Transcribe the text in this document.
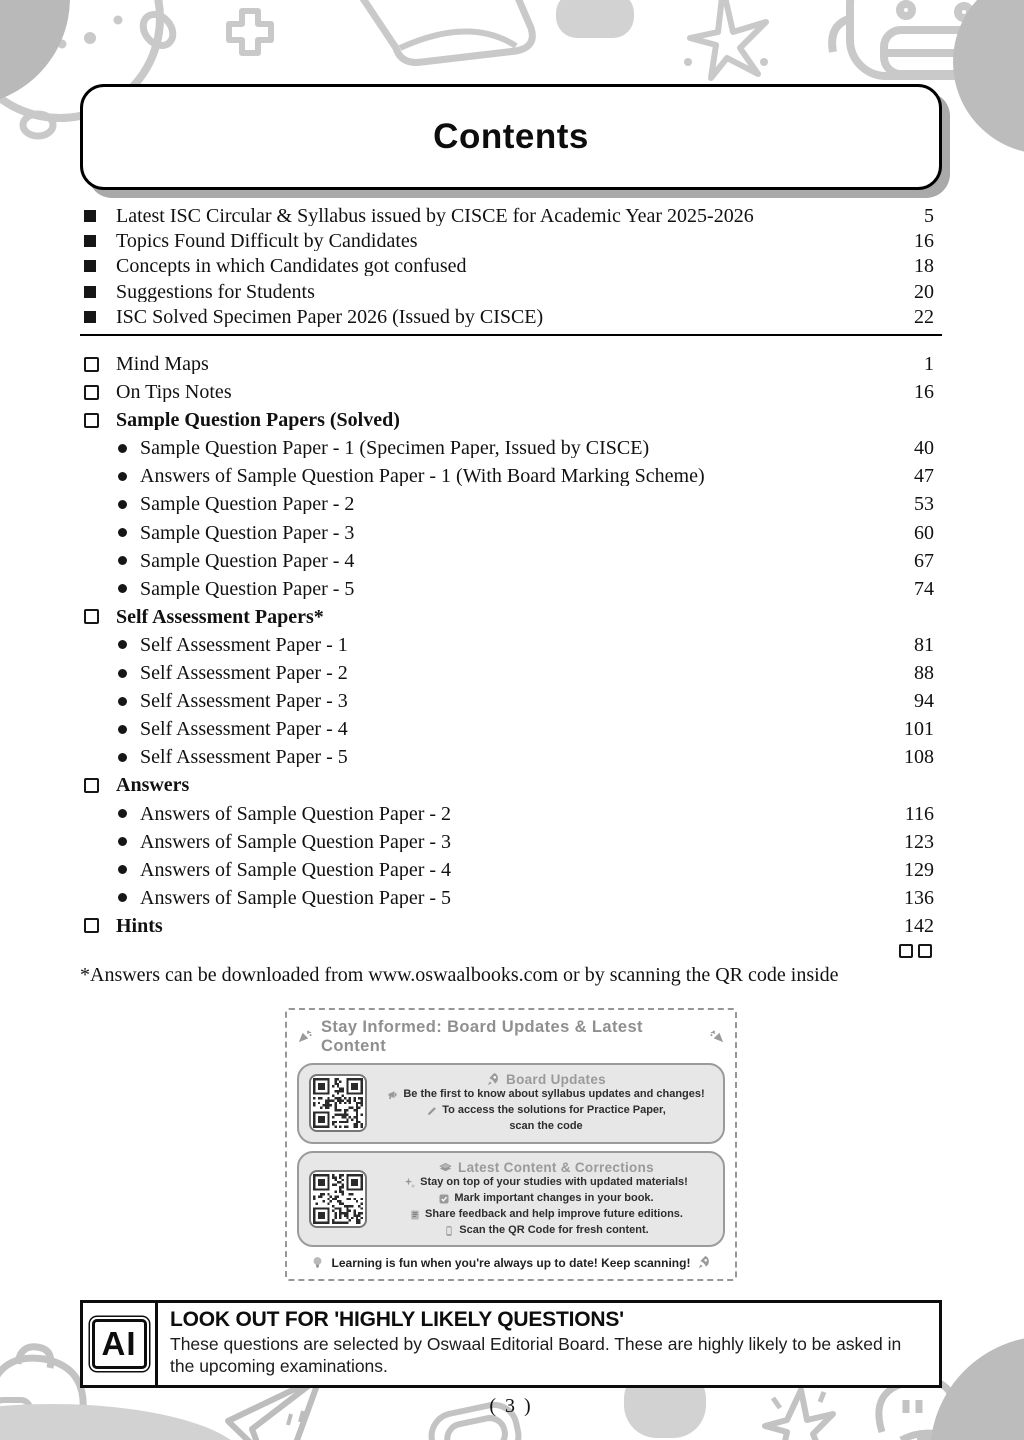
Contents
Latest ISC Circular & Syllabus issued by CISCE for Academic Year 2025-2026	5
Topics Found Difficult by Candidates	16
Concepts in which Candidates got confused	18
Suggestions for Students	20
ISC Solved Specimen Paper 2026 (Issued by CISCE)	22
Mind Maps	1
On Tips Notes	16
Sample Question Papers (Solved)
Sample Question Paper - 1 (Specimen Paper, Issued by CISCE)	40
Answers of Sample Question Paper - 1 (With Board Marking Scheme)	47
Sample Question Paper - 2	53
Sample Question Paper - 3	60
Sample Question Paper - 4	67
Sample Question Paper - 5	74
Self Assessment Papers*
Self Assessment Paper - 1	81
Self Assessment Paper - 2	88
Self Assessment Paper - 3	94
Self Assessment Paper - 4	101
Self Assessment Paper - 5	108
Answers
Answers of Sample Question Paper - 2	116
Answers of Sample Question Paper - 3	123
Answers of Sample Question Paper - 4	129
Answers of Sample Question Paper - 5	136
Hints	142
*Answers can be downloaded from www.oswaalbooks.com or by scanning the QR code inside
Stay Informed: Board Updates & Latest Content
Board Updates
Be the first to know about syllabus updates and changes!
To access the solutions for Practice Paper,
scan the code
Latest Content & Corrections
Stay on top of your studies with updated materials!
Mark important changes in your book.
Share feedback and help improve future editions.
Scan the QR Code for fresh content.
Learning is fun when you're always up to date! Keep scanning!
AI
LOOK OUT FOR 'HIGHLY LIKELY QUESTIONS'
These questions are selected by Oswaal Editorial Board. These are highly likely to be asked in the upcoming examinations.
( 3 )
